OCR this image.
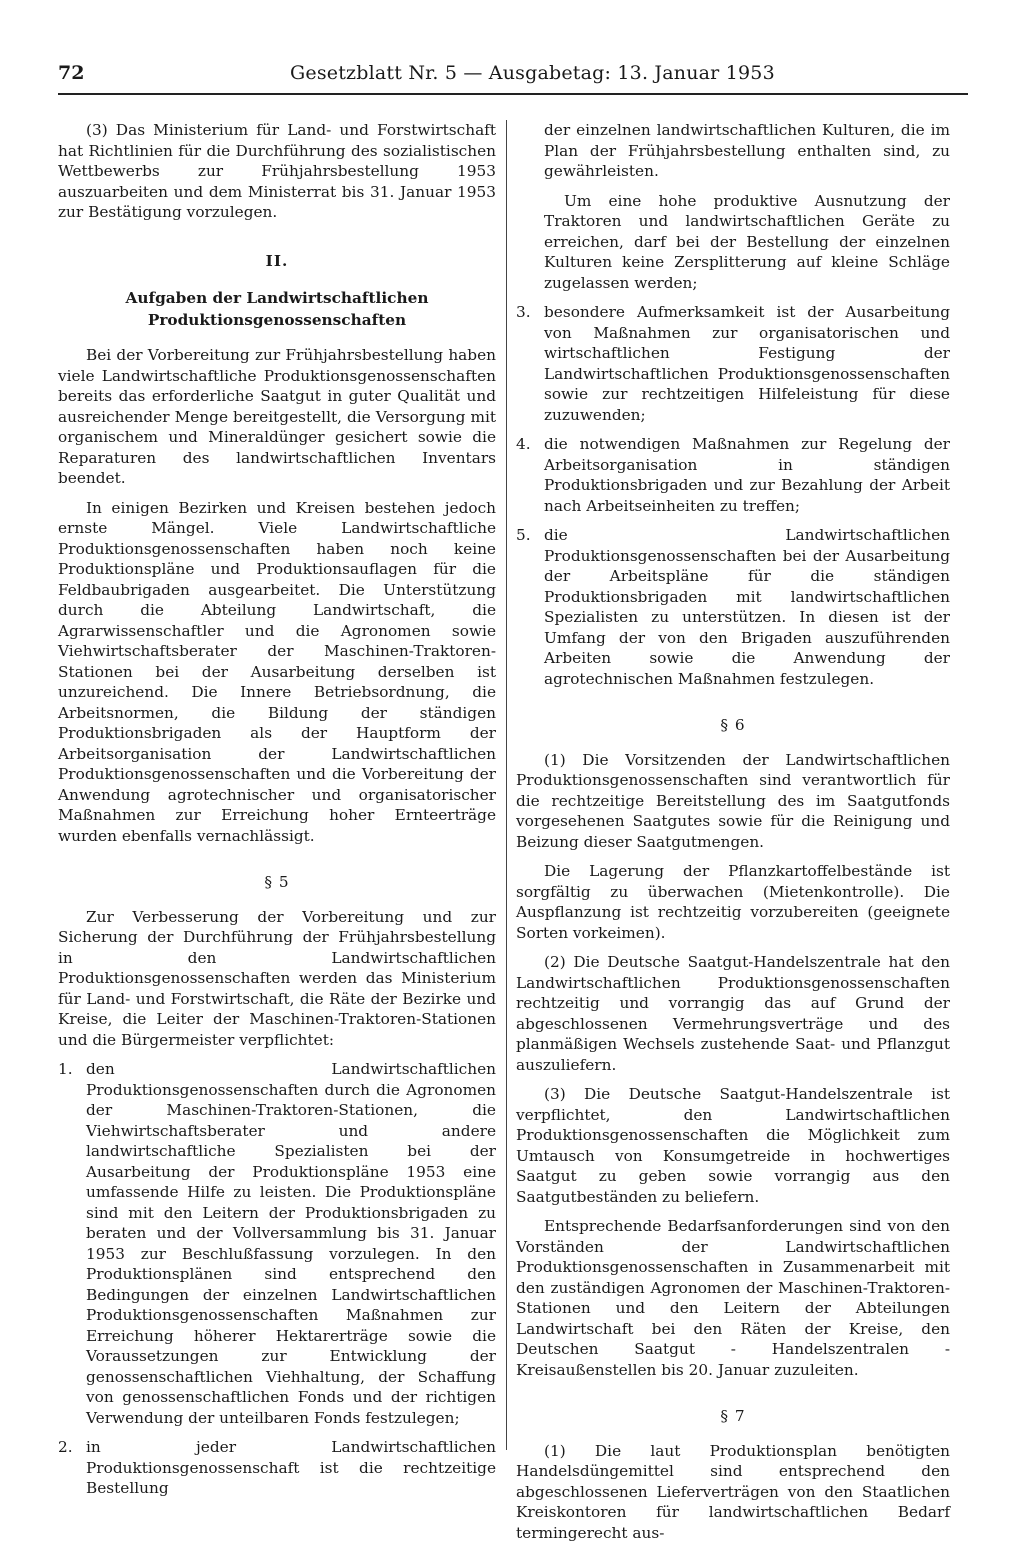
72	Gesetzblatt Nr. 5 — Ausgabetag: 13. Januar 1953

(3) Das Ministerium für Land- und Forstwirtschaft hat Richtlinien für die Durchführung des sozialistischen Wettbewerbs zur Frühjahrsbestellung 1953 auszuarbeiten und dem Ministerrat bis 31. Januar 1953 zur Bestätigung vorzulegen.

II.

Aufgaben der Landwirtschaftlichen
Produktionsgenossenschaften

Bei der Vorbereitung zur Frühjahrsbestellung haben viele Landwirtschaftliche Produktionsgenossenschaften bereits das erforderliche Saatgut in guter Qualität und ausreichender Menge bereitgestellt, die Versorgung mit organischem und Mineraldünger gesichert sowie die Reparaturen des landwirtschaftlichen Inventars beendet.

In einigen Bezirken und Kreisen bestehen jedoch ernste Mängel. Viele Landwirtschaftliche Produktionsgenossenschaften haben noch keine Produktionspläne und Produktionsauflagen für die Feldbaubrigaden ausgearbeitet. Die Unterstützung durch die Abteilung Landwirtschaft, die Agrarwissenschaftler und die Agronomen sowie Viehwirtschaftsberater der Maschinen-Traktoren-Stationen bei der Ausarbeitung derselben ist unzureichend. Die Innere Betriebsordnung, die Arbeitsnormen, die Bildung der ständigen Produktionsbrigaden als der Hauptform der Arbeitsorganisation der Landwirtschaftlichen Produktionsgenossenschaften und die Vorbereitung der Anwendung agrotechnischer und organisatorischer Maßnahmen zur Erreichung hoher Ernteerträge wurden ebenfalls vernachlässigt.

§ 5

Zur Verbesserung der Vorbereitung und zur Sicherung der Durchführung der Frühjahrsbestellung in den Landwirtschaftlichen Produktionsgenossenschaften werden das Ministerium für Land- und Forstwirtschaft, die Räte der Bezirke und Kreise, die Leiter der Maschinen-Traktoren-Stationen und die Bürgermeister verpflichtet:

1. den Landwirtschaftlichen Produktionsgenossenschaften durch die Agronomen der Maschinen-Traktoren-Stationen, die Viehwirtschaftsberater und andere landwirtschaftliche Spezialisten bei der Ausarbeitung der Produktionspläne 1953 eine umfassende Hilfe zu leisten. Die Produktionspläne sind mit den Leitern der Produktionsbrigaden zu beraten und der Vollversammlung bis 31. Januar 1953 zur Beschlußfassung vorzulegen. In den Produktionsplänen sind entsprechend den Bedingungen der einzelnen Landwirtschaftlichen Produktionsgenossenschaften Maßnahmen zur Erreichung höherer Hektarerträge sowie die Voraussetzungen zur Entwicklung der genossenschaftlichen Viehhaltung, der Schaffung von genossenschaftlichen Fonds und der richtigen Verwendung der unteilbaren Fonds festzulegen;
2. in jeder Landwirtschaftlichen Produktionsgenossenschaft ist die rechtzeitige Bestellung

der einzelnen landwirtschaftlichen Kulturen, die im Plan der Frühjahrsbestellung enthalten sind, zu gewährleisten.

Um eine hohe produktive Ausnutzung der Traktoren und landwirtschaftlichen Geräte zu erreichen, darf bei der Bestellung der einzelnen Kulturen keine Zersplitterung auf kleine Schläge zugelassen werden;

3. besondere Aufmerksamkeit ist der Ausarbeitung von Maßnahmen zur organisatorischen und wirtschaftlichen Festigung der Landwirtschaftlichen Produktionsgenossenschaften sowie zur rechtzeitigen Hilfeleistung für diese zuzuwenden;
4. die notwendigen Maßnahmen zur Regelung der Arbeitsorganisation in ständigen Produktionsbrigaden und zur Bezahlung der Arbeit nach Arbeitseinheiten zu treffen;
5. die Landwirtschaftlichen Produktionsgenossenschaften bei der Ausarbeitung der Arbeitspläne für die ständigen Produktionsbrigaden mit landwirtschaftlichen Spezialisten zu unterstützen. In diesen ist der Umfang der von den Brigaden auszuführenden Arbeiten sowie die Anwendung der agrotechnischen Maßnahmen festzulegen.

§ 6

(1) Die Vorsitzenden der Landwirtschaftlichen Produktionsgenossenschaften sind verantwortlich für die rechtzeitige Bereitstellung des im Saatgutfonds vorgesehenen Saatgutes sowie für die Reinigung und Beizung dieser Saatgutmengen.

Die Lagerung der Pflanzkartoffelbestände ist sorgfältig zu überwachen (Mietenkontrolle). Die Auspflanzung ist rechtzeitig vorzubereiten (geeignete Sorten vorkeimen).

(2) Die Deutsche Saatgut-Handelszentrale hat den Landwirtschaftlichen Produktionsgenossenschaften rechtzeitig und vorrangig das auf Grund der abgeschlossenen Vermehrungsverträge und des planmäßigen Wechsels zustehende Saat- und Pflanzgut auszuliefern.

(3) Die Deutsche Saatgut-Handelszentrale ist verpflichtet, den Landwirtschaftlichen Produktionsgenossenschaften die Möglichkeit zum Umtausch von Konsumgetreide in hochwertiges Saatgut zu geben sowie vorrangig aus den Saatgutbeständen zu beliefern.

Entsprechende Bedarfsanforderungen sind von den Vorständen der Landwirtschaftlichen Produktionsgenossenschaften in Zusammenarbeit mit den zuständigen Agronomen der Maschinen-Traktoren-Stationen und den Leitern der Abteilungen Landwirtschaft bei den Räten der Kreise, den Deutschen Saatgut - Handelszentralen - Kreisaußenstellen bis 20. Januar zuzuleiten.

§ 7

(1) Die laut Produktionsplan benötigten Handelsdüngemittel sind entsprechend den abgeschlossenen Lieferverträgen von den Staatlichen Kreiskontoren für landwirtschaftlichen Bedarf termingerecht aus-
